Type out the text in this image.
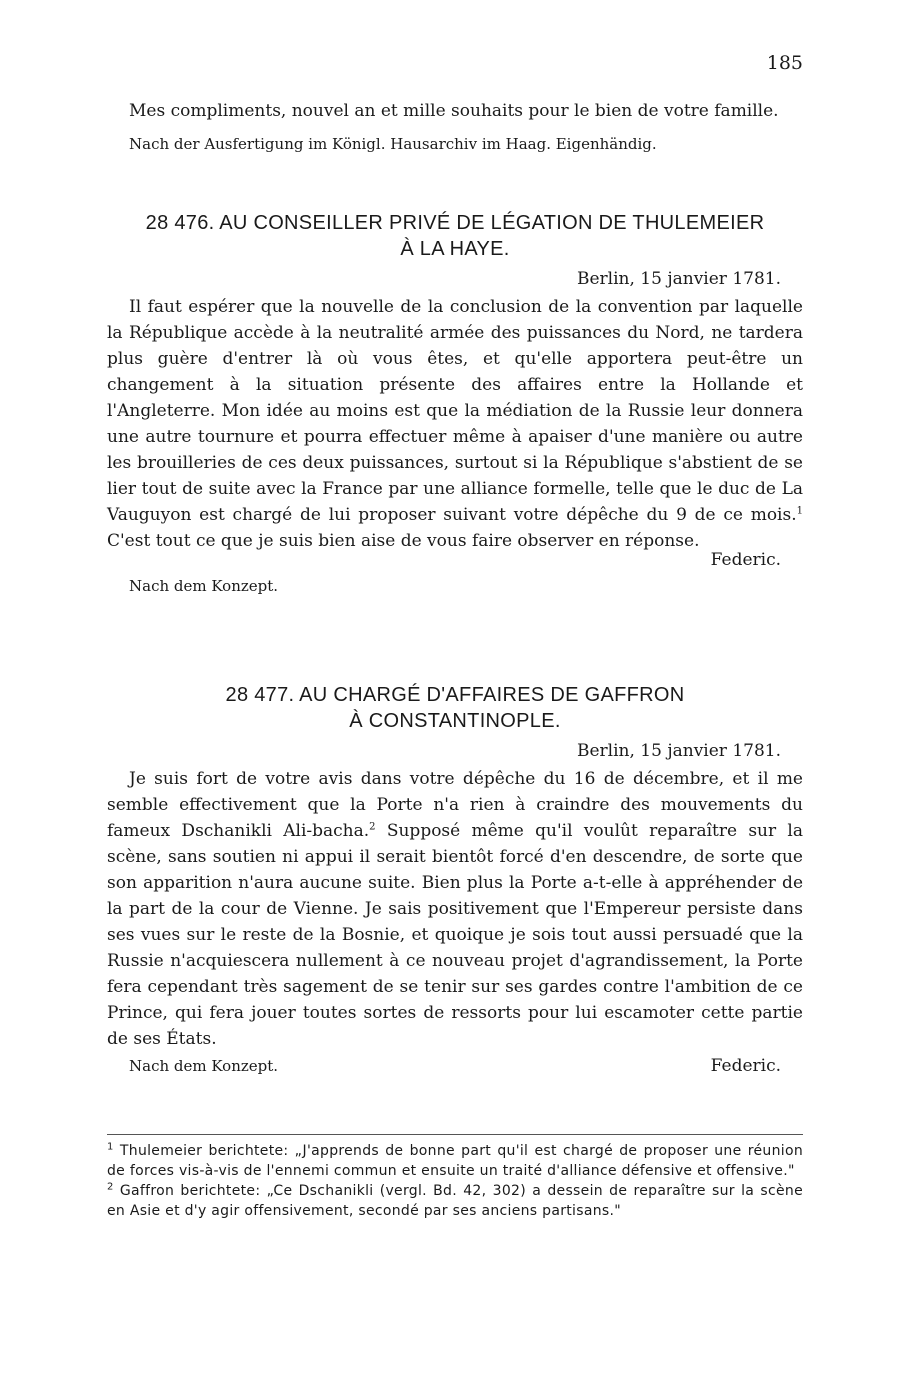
185

Mes compliments, nouvel an et mille souhaits pour le bien de votre famille.

Nach der Ausfertigung im Königl. Hausarchiv im Haag. Eigenhändig.

28 476. AU CONSEILLER PRIVÉ DE LÉGATION DE THULEMEIER

À LA HAYE.

Berlin, 15 janvier 1781.

Il faut espérer que la nouvelle de la conclusion de la convention par laquelle la République accède à la neutralité armée des puissances du Nord, ne tardera plus guère d'entrer là où vous êtes, et qu'elle apportera peut-être un changement à la situation présente des affaires entre la Hollande et l'Angleterre. Mon idée au moins est que la médiation de la Russie leur donnera une autre tournure et pourra effectuer même à apaiser d'une manière ou autre les brouilleries de ces deux puissances, surtout si la République s'abstient de se lier tout de suite avec la France par une alliance formelle, telle que le duc de La Vauguyon est chargé de lui proposer suivant votre dépêche du 9 de ce mois.$^1$ C'est tout ce que je suis bien aise de vous faire observer en réponse.

Federic.

Nach dem Konzept.

28 477. AU CHARGÉ D'AFFAIRES DE GAFFRON

À CONSTANTINOPLE.

Berlin, 15 janvier 1781.

Je suis fort de votre avis dans votre dépêche du 16 de décembre, et il me semble effectivement que la Porte n'a rien à craindre des mouvements du fameux Dschanikli Ali-bacha.$^2$ Supposé même qu'il voulût reparaître sur la scène, sans soutien ni appui il serait bientôt forcé d'en descendre, de sorte que son apparition n'aura aucune suite. Bien plus la Porte a-t-elle à appréhender de la part de la cour de Vienne. Je sais positivement que l'Empereur persiste dans ses vues sur le reste de la Bosnie, et quoique je sois tout aussi persuadé que la Russie n'acquiescera nullement à ce nouveau projet d'agrandissement, la Porte fera cependant très sagement de se tenir sur ses gardes contre l'ambition de ce Prince, qui fera jouer toutes sortes de ressorts pour lui escamoter cette partie de ses États.

Nach dem Konzept.	Federic.

$^1$ Thulemeier berichtete: „J'apprends de bonne part qu'il est chargé de proposer une réunion de forces vis-à-vis de l'ennemi commun et ensuite un traité d'alliance défensive et offensive."

$^2$ Gaffron berichtete: „Ce Dschanikli (vergl. Bd. 42, 302) a dessein de reparaître sur la scène en Asie et d'y agir offensivement, secondé par ses anciens partisans."
